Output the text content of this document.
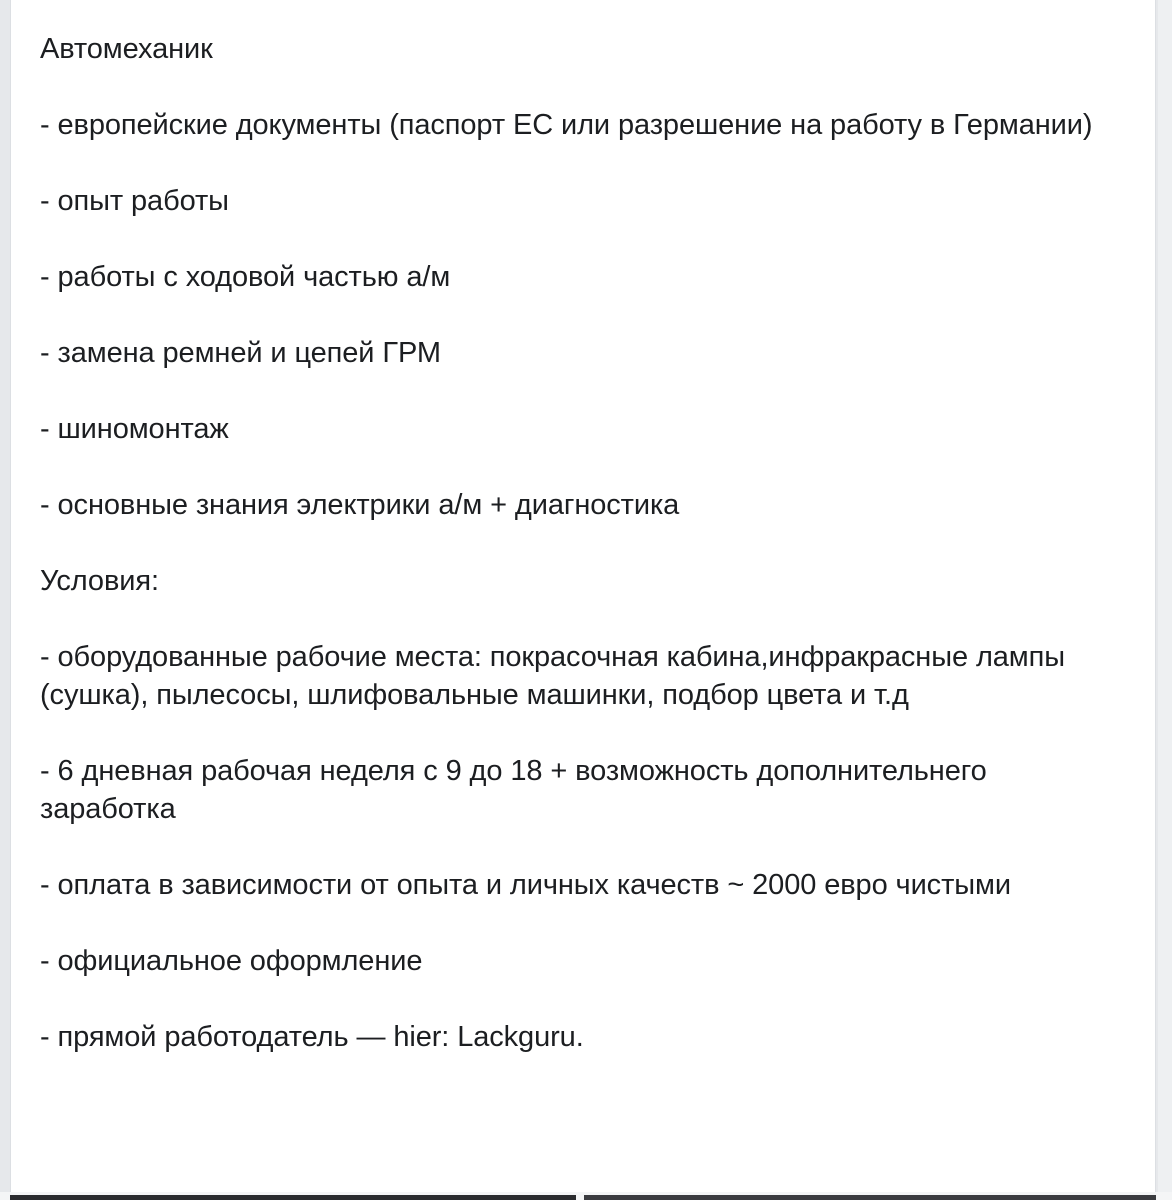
Автомеханик

- европейские документы (паспорт ЕС или разрешение на работу в Германии)

- опыт работы

- работы с ходовой частью а/м

- замена ремней и цепей ГРМ

- шиномонтаж

- основные знания электрики а/м + диагностика

Условия:

- оборудованные рабочие места: покрасочная кабина,инфракрасные лампы (сушка), пылесосы, шлифовальные машинки, подбор цвета и т.д

- 6 дневная рабочая неделя с 9 до 18 + возможность дополнительнего заработка

- оплата в зависимости от опыта и личных качеств ~ 2000 евро чистыми

- официальное оформление

- прямой работодатель — hier: Lackguru.
